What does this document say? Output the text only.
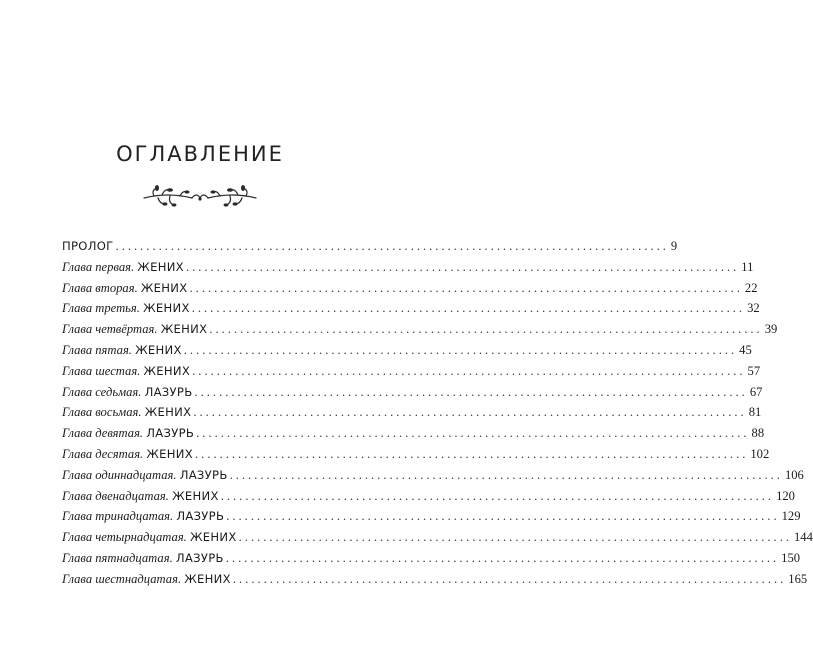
ОГЛАВЛЕНИЕ
ПРОЛОГ .......................................................................................... 9
Глава первая. ЖЕНИХ .......................................................................................... 11
Глава вторая. ЖЕНИХ .......................................................................................... 22
Глава третья. ЖЕНИХ .......................................................................................... 32
Глава четвёртая. ЖЕНИХ .......................................................................................... 39
Глава пятая. ЖЕНИХ .......................................................................................... 45
Глава шестая. ЖЕНИХ .......................................................................................... 57
Глава седьмая. ЛАЗУРЬ .......................................................................................... 67
Глава восьмая. ЖЕНИХ .......................................................................................... 81
Глава девятая. ЛАЗУРЬ .......................................................................................... 88
Глава десятая. ЖЕНИХ .......................................................................................... 102
Глава одиннадцатая. ЛАЗУРЬ .......................................................................................... 106
Глава двенадцатая. ЖЕНИХ .......................................................................................... 120
Глава тринадцатая. ЛАЗУРЬ .......................................................................................... 129
Глава четырнадцатая. ЖЕНИХ .......................................................................................... 144
Глава пятнадцатая. ЛАЗУРЬ .......................................................................................... 150
Глава шестнадцатая. ЖЕНИХ .......................................................................................... 165
